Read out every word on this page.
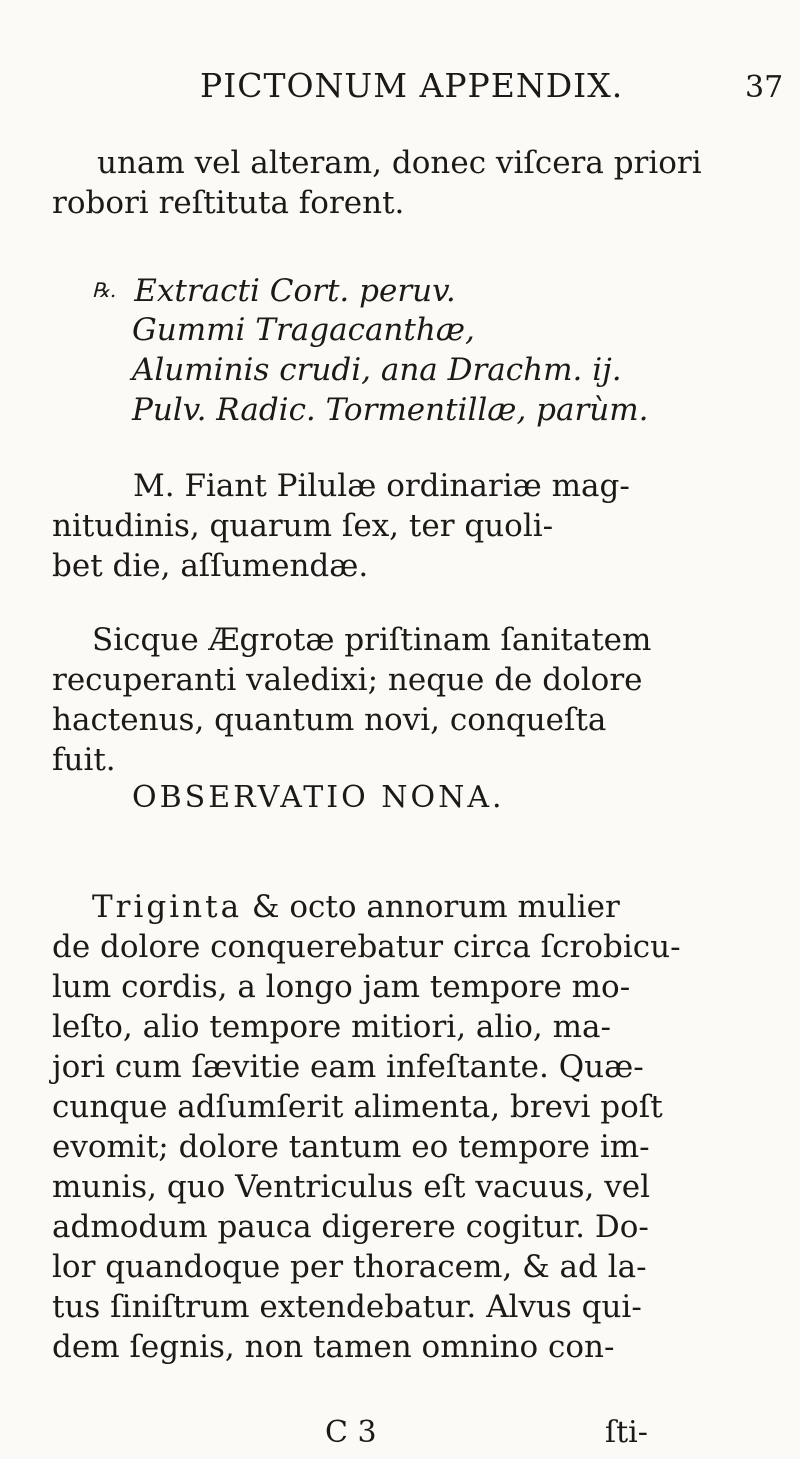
PICTONUM APPENDIX.	37
unam vel alteram, donec viſcera priori
robori reſtituta forent.
℞. Extracti Cort. peruv.
Gummi Tragacanthæ,
Aluminis crudi, ana Drachm. ij.
Pulv. Radic. Tormentillæ, parùm.
M. Fiant Pilulæ ordinariæ mag-
nitudinis, quarum ſex, ter quoli-
bet die, aſſumendæ.
Sicque Ægrotæ priſtinam ſanitatem
recuperanti valedixi; neque de dolore
hactenus, quantum novi, conqueſta
fuit.
OBSERVATIO NONA.
Triginta & octo annorum mulier
de dolore conquerebatur circa ſcrobicu-
lum cordis, a longo jam tempore mo-
leſto, alio tempore mitiori, alio, ma-
jori cum ſævitie eam infeſtante. Quæ-
cunque adſumſerit alimenta, brevi poſt
evomit; dolore tantum eo tempore im-
munis, quo Ventriculus eſt vacuus, vel
admodum pauca digerere cogitur. Do-
lor quandoque per thoracem, & ad la-
tus ſiniſtrum extendebatur. Alvus qui-
dem ſegnis, non tamen omnino con-
C 3	ſti-
